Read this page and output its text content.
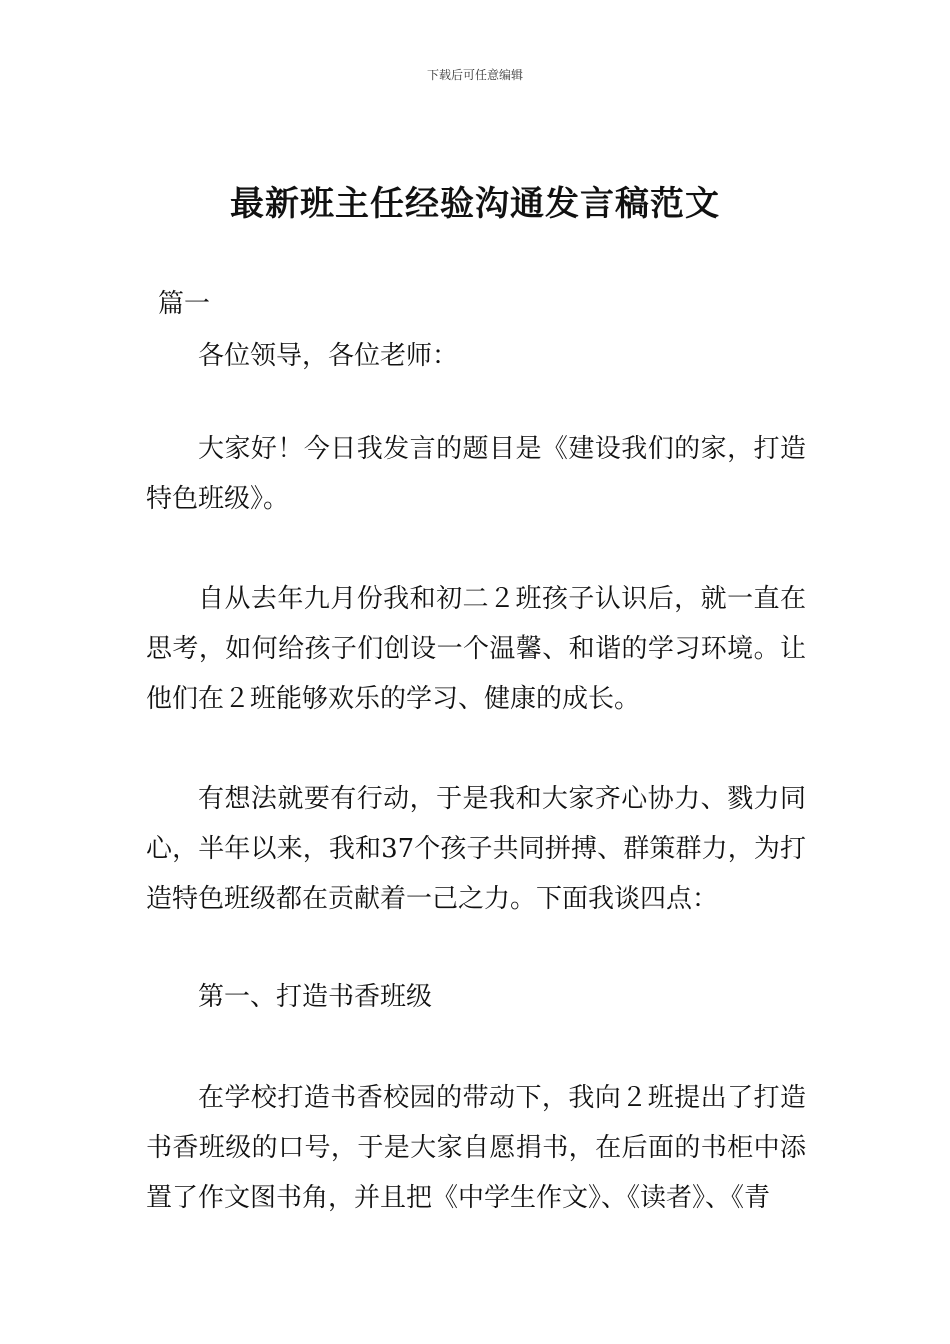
下载后可任意编辑
最新班主任经验沟通发言稿范文
篇一

各位领导，各位老师：

大家好！今日我发言的题目是《建设我们的家，打造特色班级》。

自从去年九月份我和初二２班孩子认识后，就一直在思考，如何给孩子们创设一个温馨、和谐的学习环境。让他们在２班能够欢乐的学习、健康的成长。

有想法就要有行动，于是我和大家齐心协力、戮力同心，半年以来，我和37个孩子共同拼搏、群策群力，为打造特色班级都在贡献着一己之力。下面我谈四点：

第一、打造书香班级

在学校打造书香校园的带动下，我向２班提出了打造书香班级的口号，于是大家自愿捐书，在后面的书柜中添置了作文图书角，并且把《中学生作文》、《读者》、《青
